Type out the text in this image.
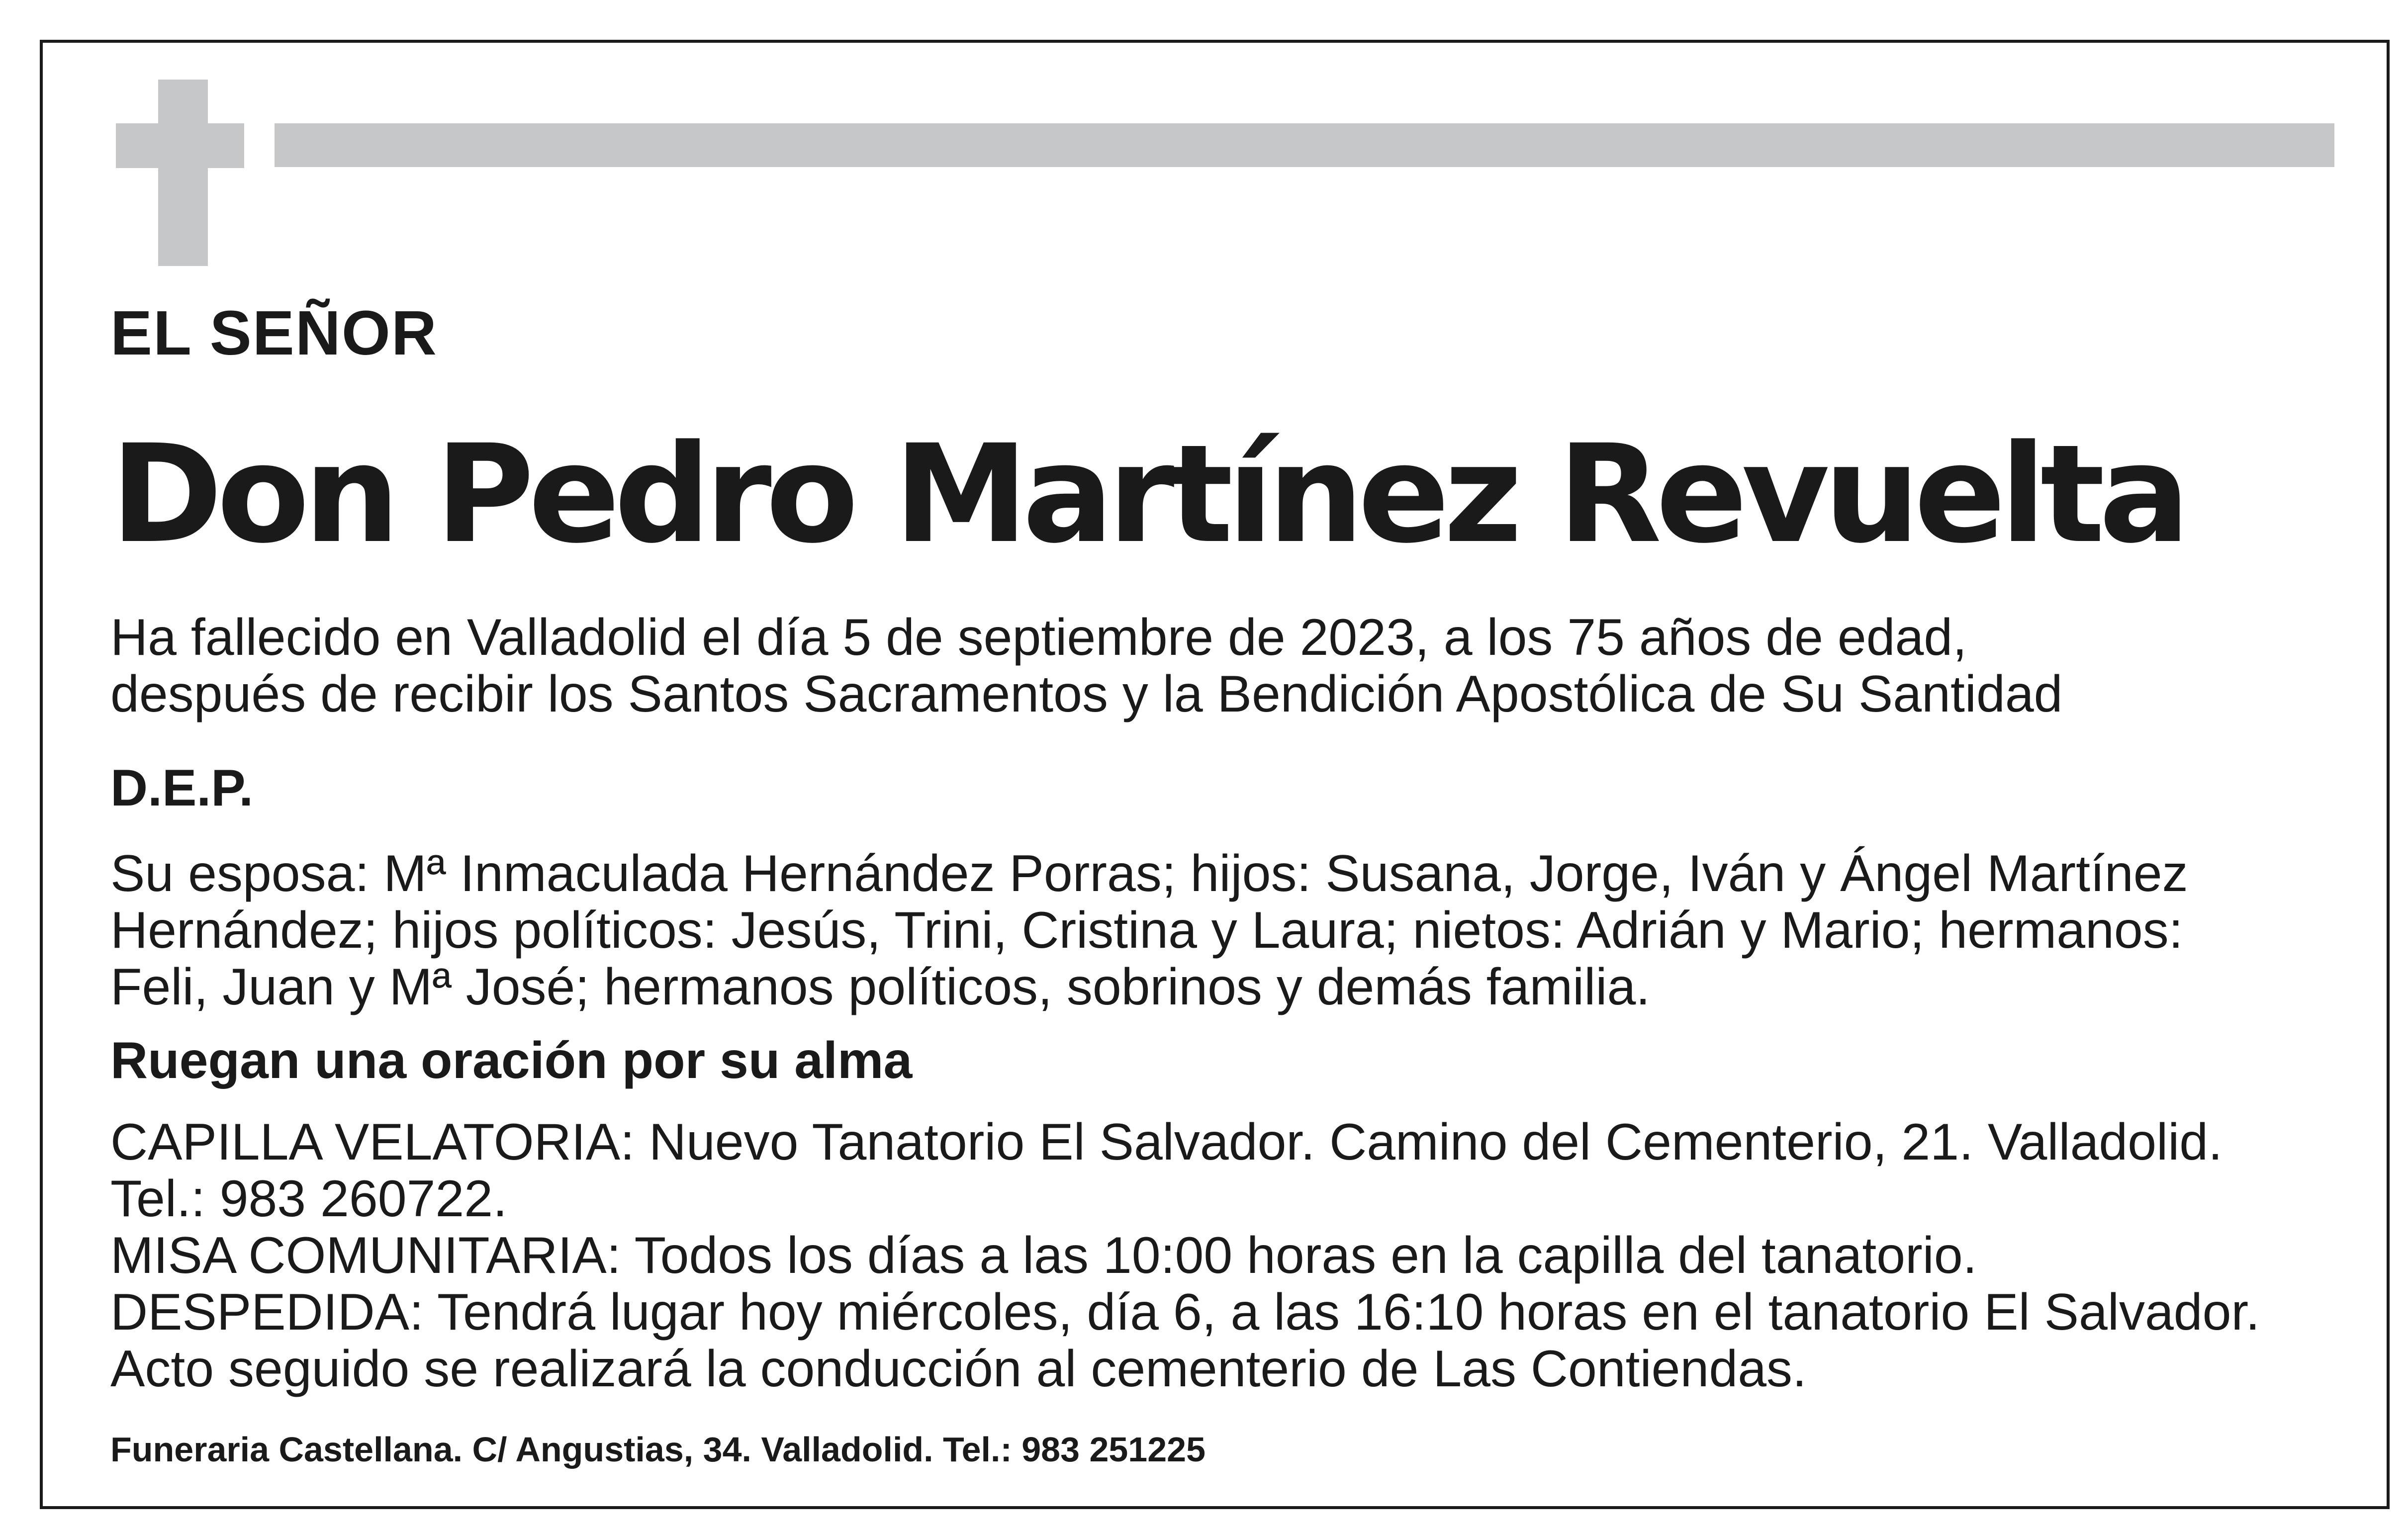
EL SEÑOR
Don Pedro Martínez Revuelta
Ha fallecido en Valladolid el día 5 de septiembre de 2023, a los 75 años de edad,
después de recibir los Santos Sacramentos y la Bendición Apostólica de Su Santidad
D.E.P.
Su esposa: Mª Inmaculada Hernández Porras; hijos: Susana, Jorge, Iván y Ángel Martínez
Hernández; hijos políticos: Jesús, Trini, Cristina y Laura; nietos: Adrián y Mario; hermanos:
Feli, Juan y Mª José; hermanos políticos, sobrinos y demás familia.
Ruegan una oración por su alma
CAPILLA VELATORIA: Nuevo Tanatorio El Salvador. Camino del Cementerio, 21. Valladolid.
Tel.: 983 260722.
MISA COMUNITARIA: Todos los días a las 10:00 horas en la capilla del tanatorio.
DESPEDIDA: Tendrá lugar hoy miércoles, día 6, a las 16:10 horas en el tanatorio El Salvador.
Acto seguido se realizará la conducción al cementerio de Las Contiendas.
Funeraria Castellana. C/ Angustias, 34. Valladolid. Tel.: 983 251225
